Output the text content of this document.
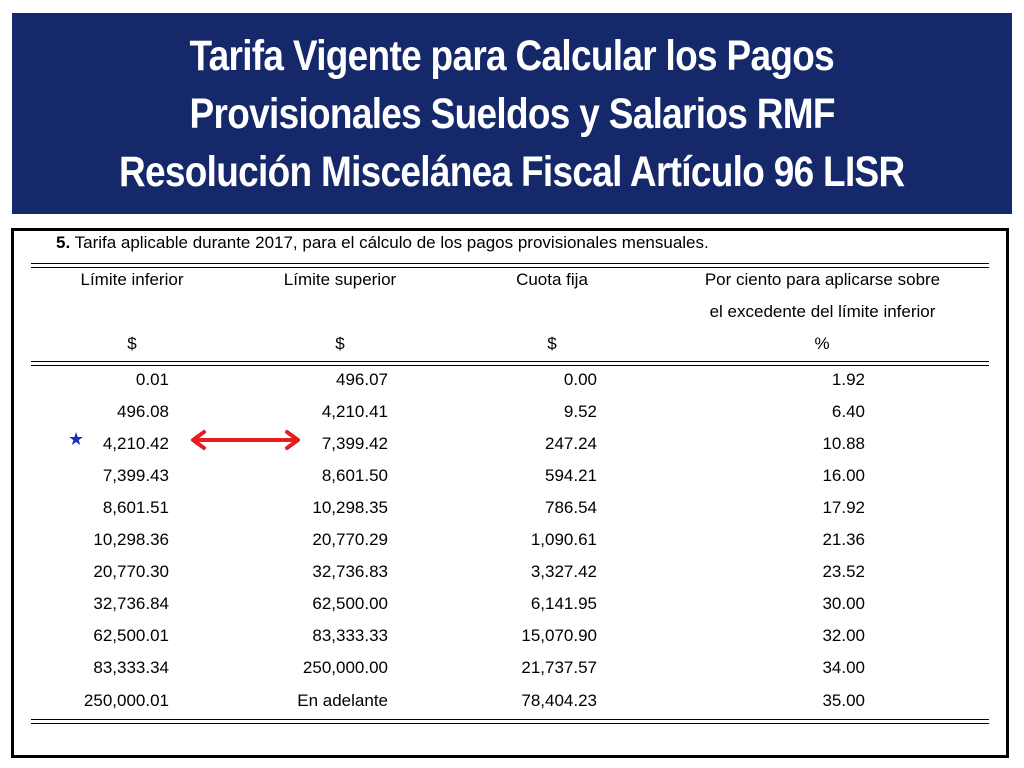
Tarifa Vigente para Calcular los Pagos
Provisionales Sueldos y Salarios RMF
Resolución Miscelánea Fiscal Artículo 96 LISR
5. Tarifa aplicable durante 2017, para el cálculo de los pagos provisionales mensuales.
Límite inferior	Límite superior	Cuota fija	Por ciento para aplicarse sobre
el excedente del límite inferior
$	$	$	%
0.01	496.07	0.00	1.92
496.08	4,210.41	9.52	6.40
4,210.42	7,399.42	247.24	10.88
7,399.43	8,601.50	594.21	16.00
8,601.51	10,298.35	786.54	17.92
10,298.36	20,770.29	1,090.61	21.36
20,770.30	32,736.83	3,327.42	23.52
32,736.84	62,500.00	6,141.95	30.00
62,500.01	83,333.33	15,070.90	32.00
83,333.34	250,000.00	21,737.57	34.00
250,000.01	En adelante	78,404.23	35.00
★
